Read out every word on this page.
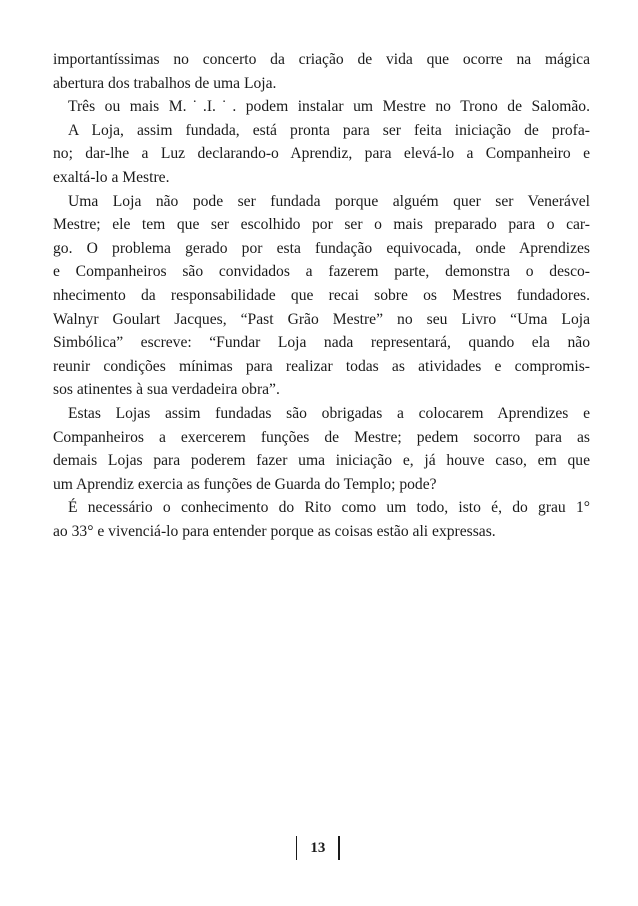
importantíssimas no concerto da criação de vida que ocorre na mágica
abertura dos trabalhos de uma Loja.
Três ou mais M.˙.I.˙. podem instalar um Mestre no Trono de Salomão.
A Loja, assim fundada, está pronta para ser feita iniciação de profa-
no; dar-lhe a Luz declarando-o Aprendiz, para elevá-lo a Companheiro e
exaltá-lo a Mestre.
Uma Loja não pode ser fundada porque alguém quer ser Venerável
Mestre; ele tem que ser escolhido por ser o mais preparado para o car-
go. O problema gerado por esta fundação equivocada, onde Aprendizes
e Companheiros são convidados a fazerem parte, demonstra o desco-
nhecimento da responsabilidade que recai sobre os Mestres fundadores.
Walnyr Goulart Jacques, “Past Grão Mestre” no seu Livro “Uma Loja
Simbólica” escreve: “Fundar Loja nada representará, quando ela não
reunir condições mínimas para realizar todas as atividades e compromis-
sos atinentes à sua verdadeira obra”.
Estas Lojas assim fundadas são obrigadas a colocarem Aprendizes e
Companheiros a exercerem funções de Mestre; pedem socorro para as
demais Lojas para poderem fazer uma iniciação e, já houve caso, em que
um Aprendiz exercia as funções de Guarda do Templo; pode?
É necessário o conhecimento do Rito como um todo, isto é, do grau 1°
ao 33° e vivenciá-lo para entender porque as coisas estão ali expressas.
13
